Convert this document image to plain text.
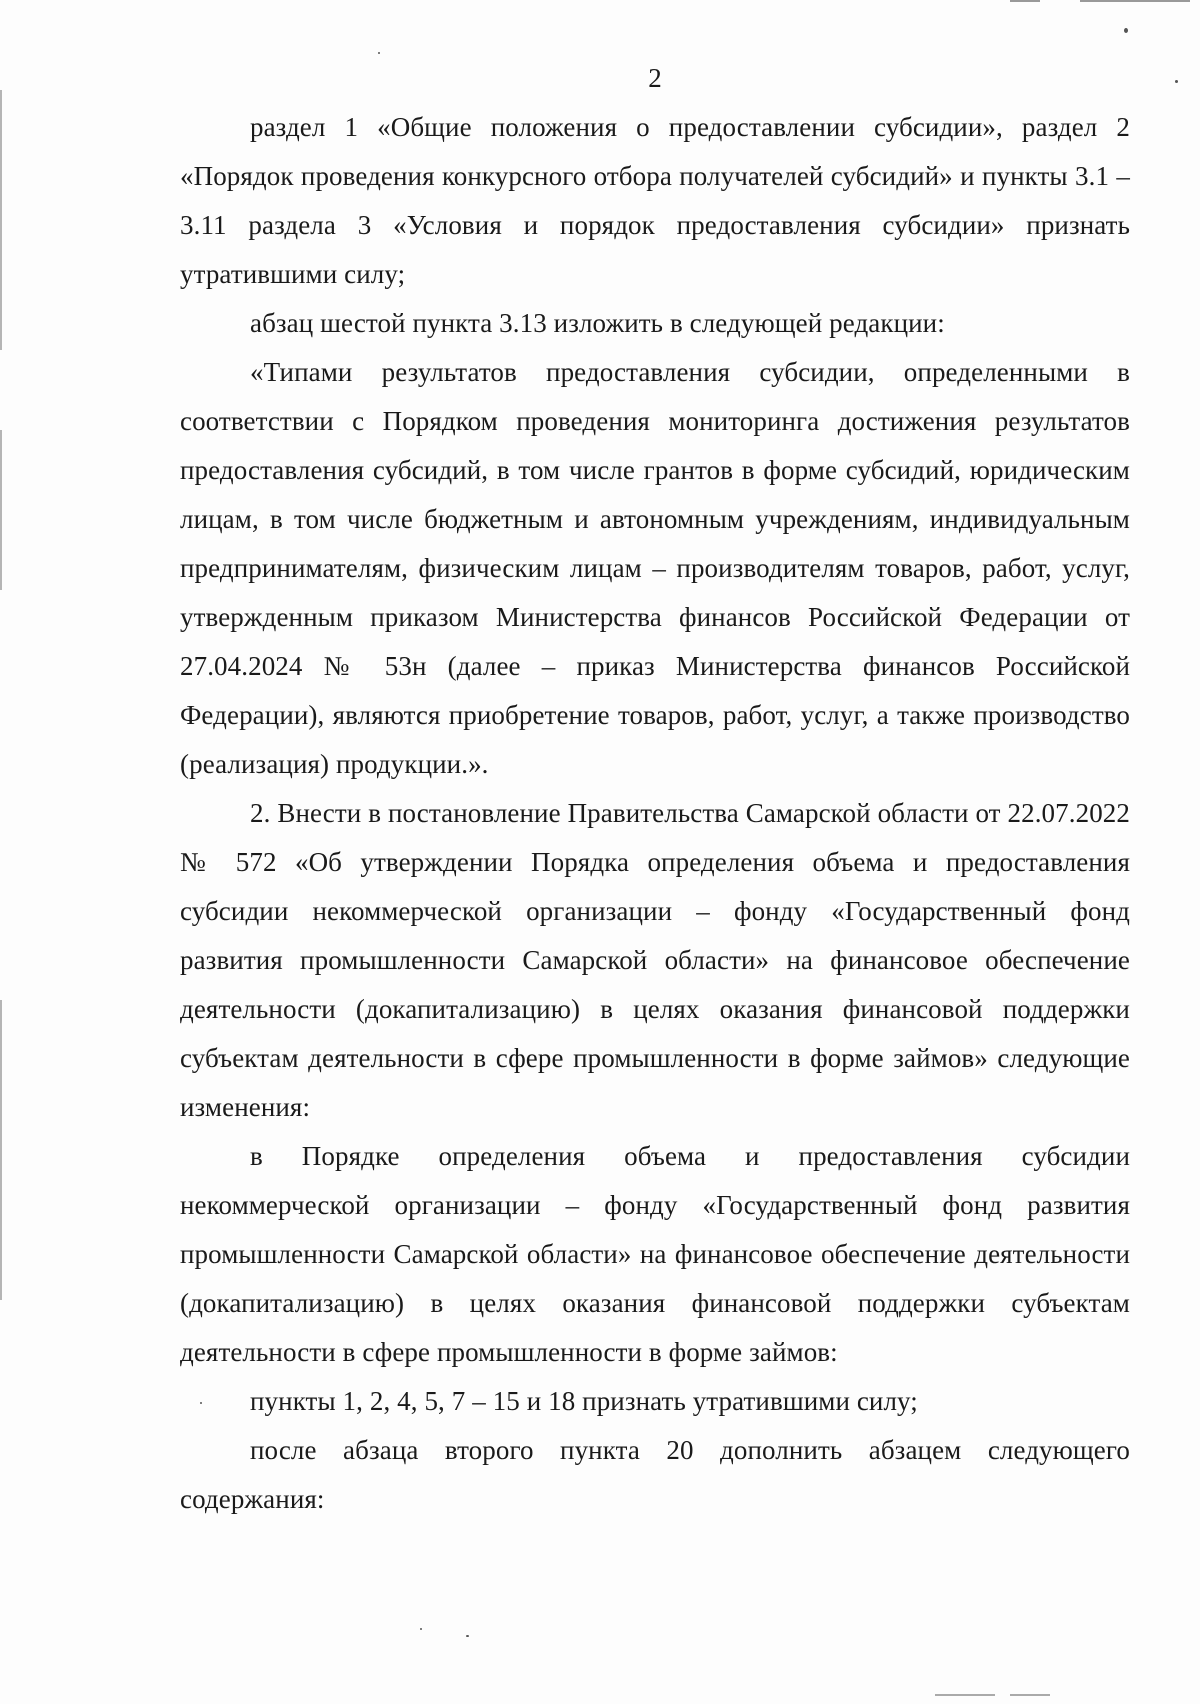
2

раздел 1 «Общие положения о предоставлении субсидии», раздел 2 «Порядок проведения конкурсного отбора получателей субсидий» и пункты 3.1 – 3.11 раздела 3 «Условия и порядок предоставления субсидии» признать утратившими силу;

абзац шестой пункта 3.13 изложить в следующей редакции:

«Типами результатов предоставления субсидии, определенными в соответствии с Порядком проведения мониторинга достижения результатов предоставления субсидий, в том числе грантов в форме субсидий, юридическим лицам, в том числе бюджетным и автономным учреждениям, индивидуальным предпринимателям, физическим лицам – производителям товаров, работ, услуг, утвержденным приказом Министерства финансов Российской Федерации от 27.04.2024 № 53н (далее – приказ Министерства финансов Российской Федерации), являются приобретение товаров, работ, услуг, а также производство (реализация) продукции.».

2. Внести в постановление Правительства Самарской области от 22.07.2022 № 572 «Об утверждении Порядка определения объема и предоставления субсидии некоммерческой организации – фонду «Государственный фонд развития промышленности Самарской области» на финансовое обеспечение деятельности (докапитализацию) в целях оказания финансовой поддержки субъектам деятельности в сфере промышленности в форме займов» следующие изменения:

в Порядке определения объема и предоставления субсидии некоммерческой организации – фонду «Государственный фонд развития промышленности Самарской области» на финансовое обеспечение деятельности (докапитализацию) в целях оказания финансовой поддержки субъектам деятельности в сфере промышленности в форме займов:

пункты 1, 2, 4, 5, 7 – 15 и 18 признать утратившими силу;

после абзаца второго пункта 20 дополнить абзацем следующего содержания:
